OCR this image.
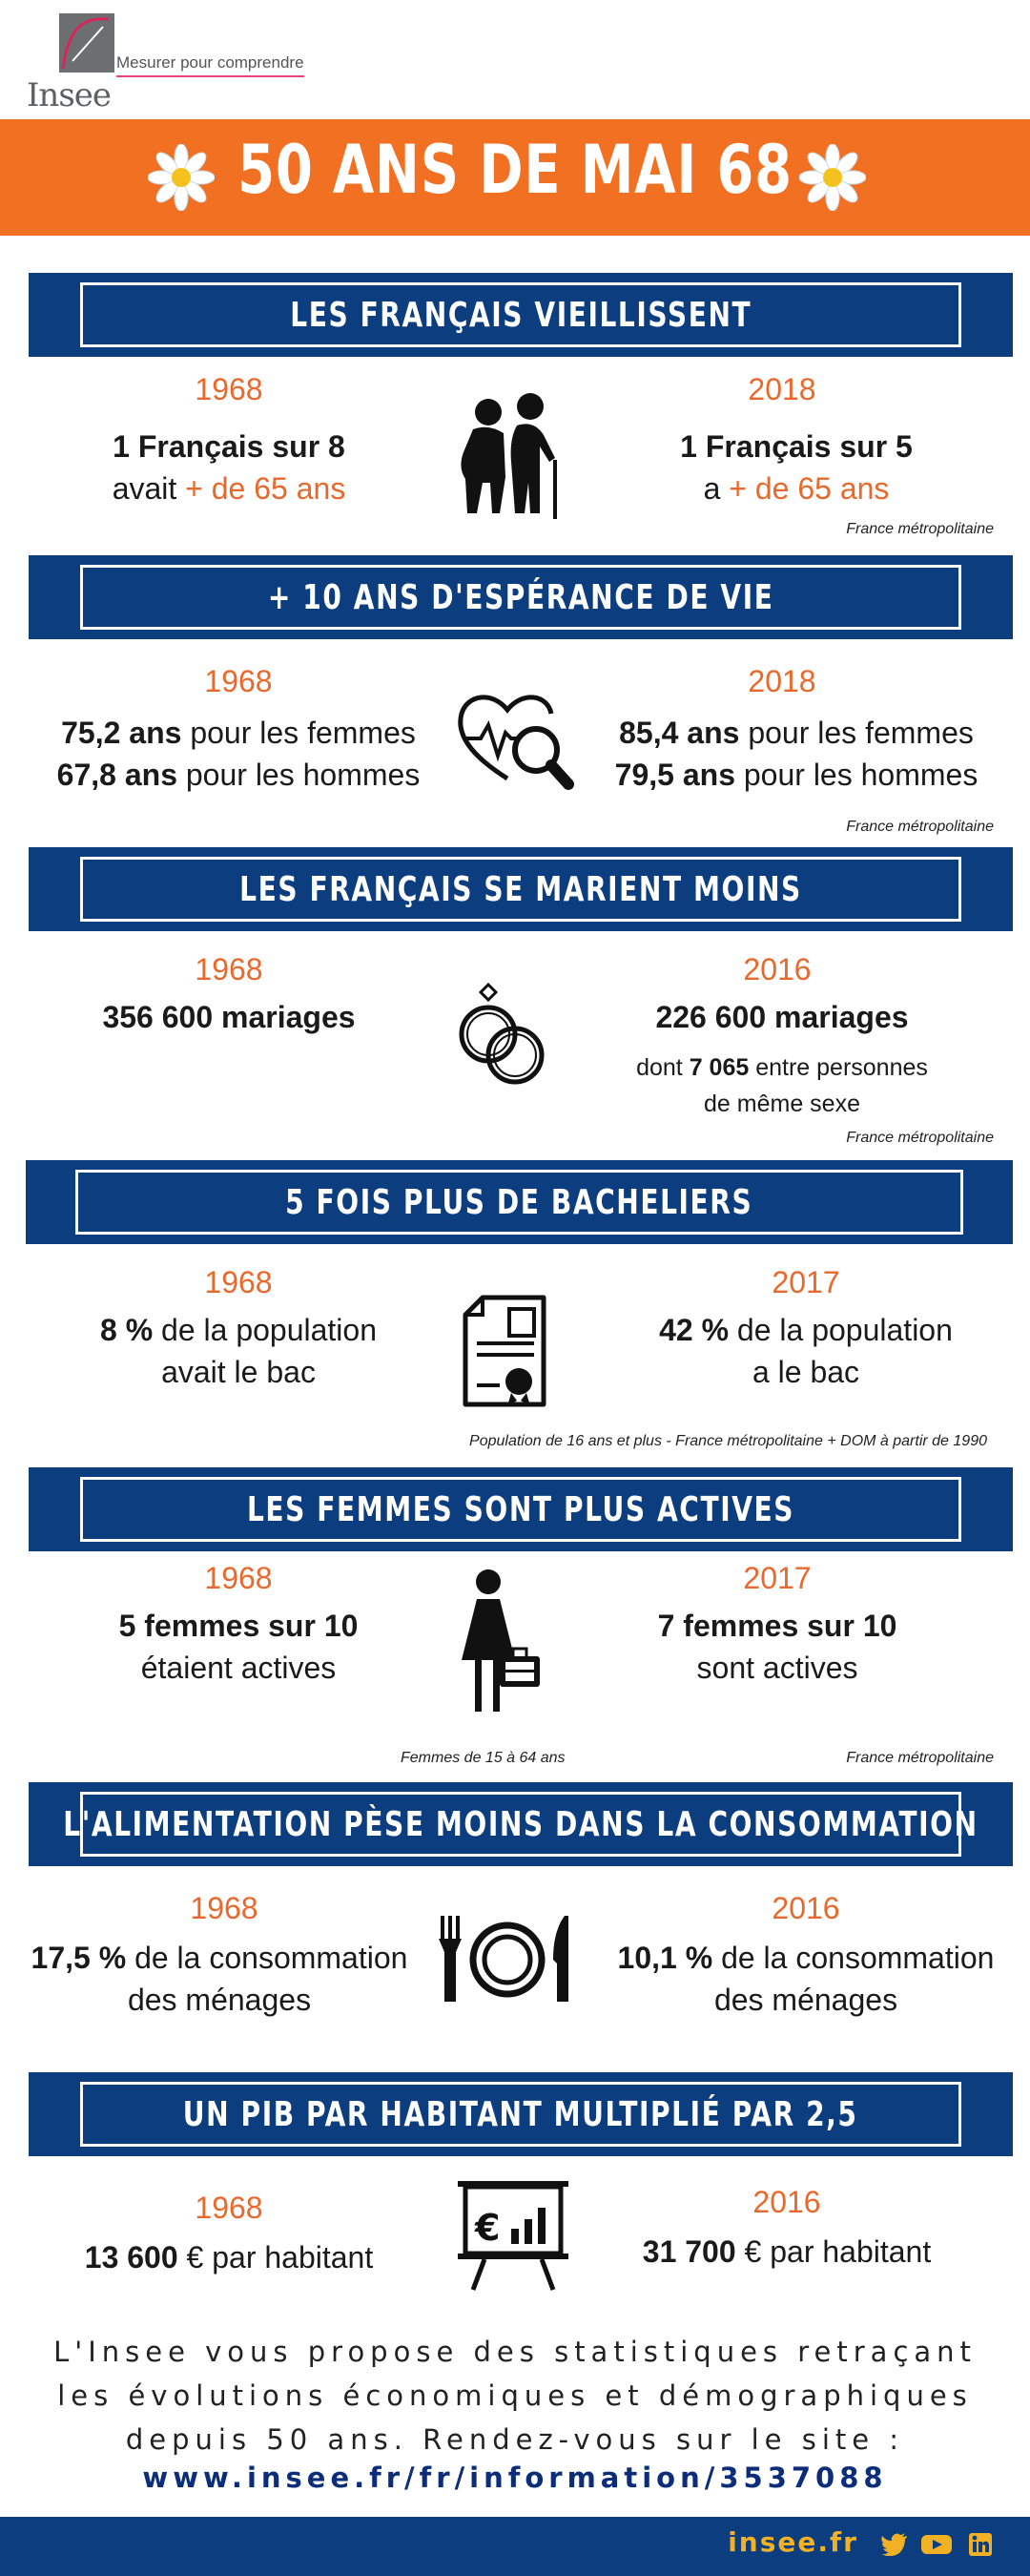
Insee
Mesurer pour comprendre
50 ANS DE MAI 68
LES FRANÇAIS VIEILLISSENT
1968
1 Français sur 8
avait + de 65 ans
2018
1 Français sur 5
a + de 65 ans
France métropolitaine
+ 10 ANS D'ESPÉRANCE DE VIE
1968
75,2 ans pour les femmes
67,8 ans pour les hommes
2018
85,4 ans pour les femmes
79,5 ans pour les hommes
France métropolitaine
LES FRANÇAIS SE MARIENT MOINS
1968
356 600 mariages
2016
226 600 mariages
dont 7 065 entre personnes
de même sexe
France métropolitaine
5 FOIS PLUS DE BACHELIERS
1968
8 % de la population
avait le bac
2017
42 % de la population
a le bac
Population de 16 ans et plus - France métropolitaine + DOM à partir de 1990
LES FEMMES SONT PLUS ACTIVES
1968
5 femmes sur 10
étaient actives
2017
7 femmes sur 10
sont actives
Femmes de 15 à 64 ans	France métropolitaine
L'ALIMENTATION PÈSE MOINS DANS LA CONSOMMATION
1968
17,5 % de la consommation
des ménages
2016
10,1 % de la consommation
des ménages
UN PIB PAR HABITANT MULTIPLIÉ PAR 2,5
1968
13 600 € par habitant
€
2016
31 700 € par habitant
L'Insee vous propose des statistiques retraçant
les évolutions économiques et démographiques
depuis 50 ans. Rendez-vous sur le site :
www.insee.fr/fr/information/3537088
insee.fr
